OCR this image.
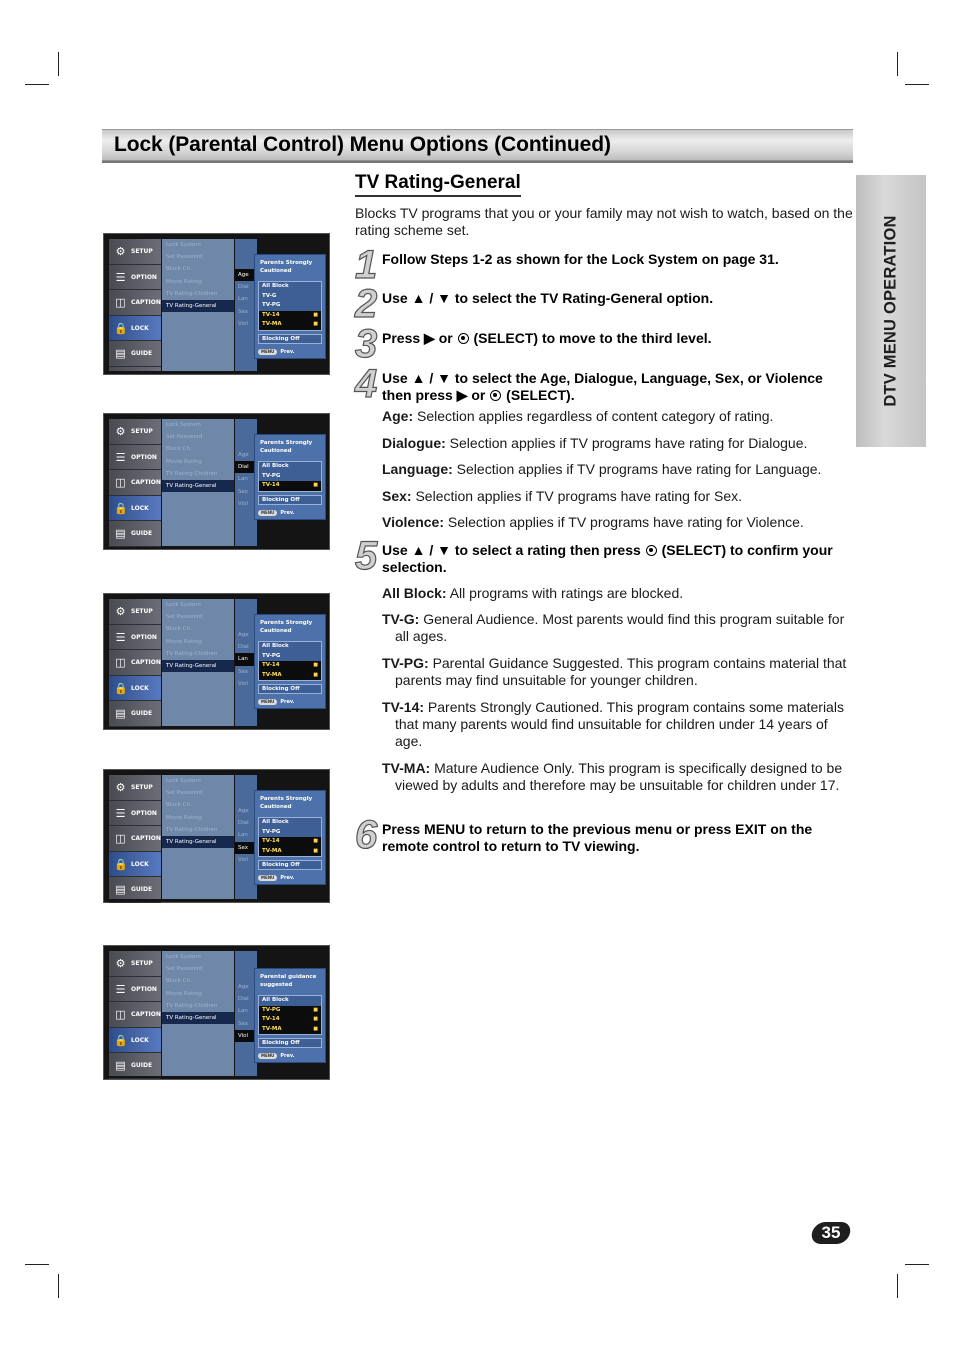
Lock (Parental Control) Menu Options (Continued)
DTV MENU OPERATION
TV Rating-General
Blocks TV programs that you or your family may not wish to watch, based on the rating scheme set.
1 Follow Steps 1-2 as shown for the Lock System on page 31.
2 Use ▲ / ▼ to select the TV Rating-General option.
3 Press ▶ or (SELECT) to move to the third level.
4 Use ▲ / ▼ to select the Age, Dialogue, Language, Sex, or Violence then press ▶ or (SELECT).
Age: Selection applies regardless of content category of rating.
Dialogue: Selection applies if TV programs have rating for Dialogue.
Language: Selection applies if TV programs have rating for Language.
Sex: Selection applies if TV programs have rating for Sex.
Violence: Selection applies if TV programs have rating for Violence.
5 Use ▲ / ▼ to select a rating then press (SELECT) to confirm your selection.
All Block: All programs with ratings are blocked.
TV-G: General Audience. Most parents would find this program suitable for all ages.
TV-PG: Parental Guidance Suggested. This program contains material that parents may find unsuitable for younger children.
TV-14: Parents Strongly Cautioned. This program contains some materials that many parents would find unsuitable for children under 14 years of age.
TV-MA: Mature Audience Only. This program is specifically designed to be viewed by adults and therefore may be unsuitable for children under 17.
6 Press MENU to return to the previous menu or press EXIT on the remote control to return to TV viewing.
⚙ SETUP
☰ OPTION
◫ CAPTION
🔒 LOCK
▤ GUIDE
Lock System
Set Password
Block Ch.
Movie Rating
TV Rating-Children
TV Rating-General
Age
Dial
Lan
Sex
Viol
Parents Strongly Cautioned
All Block
TV-G
TV-PG
TV-14	■
TV-MA	■
Blocking Off
MENU Prev.
⚙ SETUP
☰ OPTION
◫ CAPTION
🔒 LOCK
▤ GUIDE
Lock System
Set Password
Block Ch.
Movie Rating
TV Rating-Children
TV Rating-General
Age
Dial
Lan
Sex
Viol
Parents Strongly Cautioned
All Block
TV-PG
TV-14	■
Blocking Off
MENU Prev.
⚙ SETUP
☰ OPTION
◫ CAPTION
🔒 LOCK
▤ GUIDE
Lock System
Set Password
Block Ch.
Movie Rating
TV Rating-Children
TV Rating-General
Age
Dial
Lan
Sex
Viol
Parents Strongly Cautioned
All Block
TV-PG
TV-14	■
TV-MA	■
Blocking Off
MENU Prev.
⚙ SETUP
☰ OPTION
◫ CAPTION
🔒 LOCK
▤ GUIDE
Lock System
Set Password
Block Ch.
Movie Rating
TV Rating-Children
TV Rating-General
Age
Dial
Lan
Sex
Viol
Parents Strongly Cautioned
All Block
TV-PG
TV-14	■
TV-MA	■
Blocking Off
MENU Prev.
⚙ SETUP
☰ OPTION
◫ CAPTION
🔒 LOCK
▤ GUIDE
Lock System
Set Password
Block Ch.
Movie Rating
TV Rating-Children
TV Rating-General
Age
Dial
Lan
Sex
Viol
Parental guidance suggested
All Block
TV-PG	■
TV-14	■
TV-MA	■
Blocking Off
MENU Prev.
35
